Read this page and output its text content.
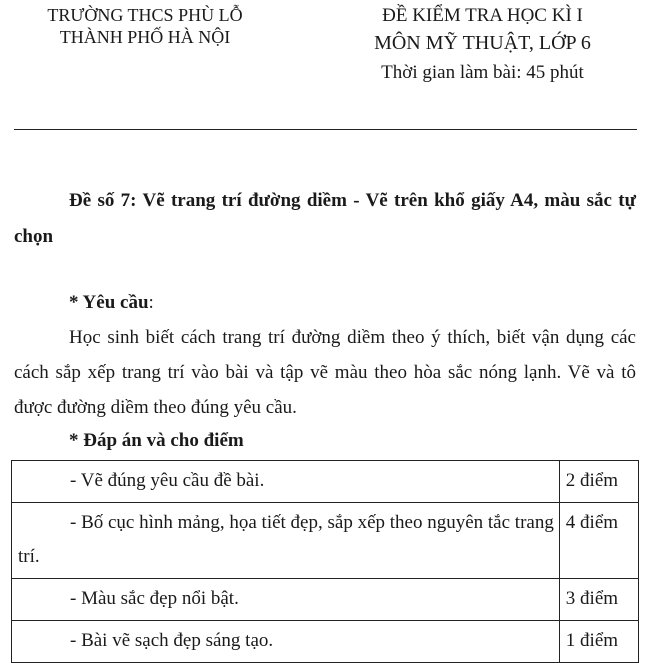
TRƯỜNG THCS PHÙ LỖ
THÀNH PHỐ HÀ NỘI
ĐỀ KIỂM TRA HỌC KÌ I
MÔN MỸ THUẬT, LỚP 6
Thời gian làm bài: 45 phút
Đề số 7: Vẽ trang trí đường diềm - Vẽ trên khổ giấy A4, màu sắc tự chọn
* Yêu cầu:
Học sinh biết cách trang trí đường diềm theo ý thích, biết vận dụng các cách sắp xếp trang trí vào bài và tập vẽ màu theo hòa sắc nóng lạnh. Vẽ và tô được đường diềm theo đúng yêu cầu.
* Đáp án và cho điểm
- Vẽ đúng yêu cầu đề bài.	2 điểm
- Bố cục hình mảng, họa tiết đẹp, sắp xếp theo nguyên tắc trang trí.	4 điểm
- Màu sắc đẹp nổi bật.	3 điểm
- Bài vẽ sạch đẹp sáng tạo.	1 điểm
